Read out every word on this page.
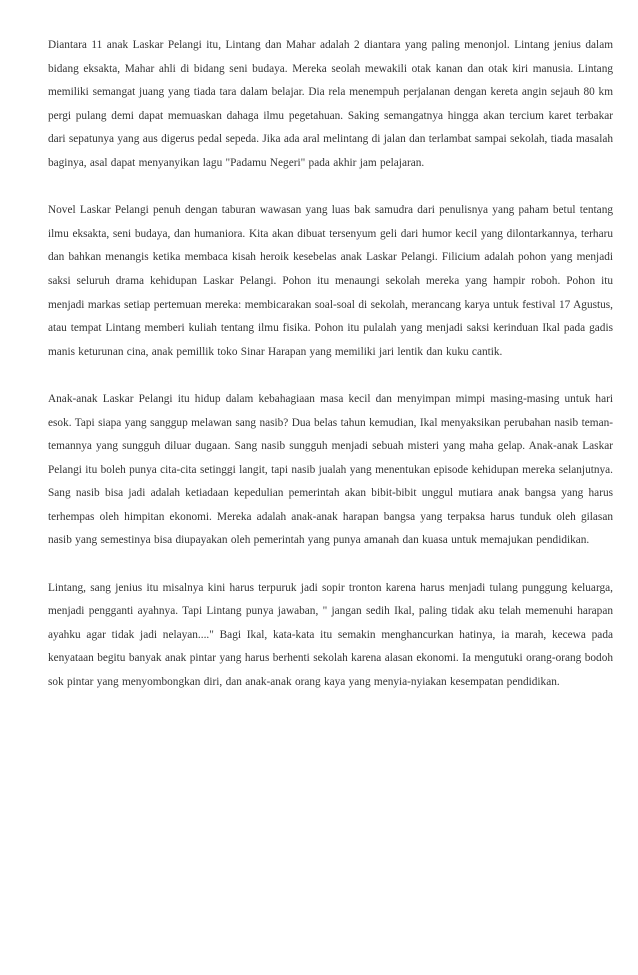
Diantara 11 anak Laskar Pelangi itu, Lintang dan Mahar adalah 2 diantara yang paling menonjol. Lintang jenius dalam bidang eksakta, Mahar ahli di bidang seni budaya. Mereka seolah mewakili otak kanan dan otak kiri manusia. Lintang memiliki semangat juang yang tiada tara dalam belajar. Dia rela menempuh perjalanan dengan kereta angin sejauh 80 km pergi pulang demi dapat memuaskan dahaga ilmu pegetahuan. Saking semangatnya hingga akan tercium karet terbakar dari sepatunya yang aus digerus pedal sepeda. Jika ada aral melintang di jalan dan terlambat sampai sekolah, tiada masalah baginya, asal dapat menyanyikan lagu "Padamu Negeri" pada akhir jam pelajaran.

Novel Laskar Pelangi penuh dengan taburan wawasan yang luas bak samudra dari penulisnya yang paham betul tentang ilmu eksakta, seni budaya, dan humaniora. Kita akan dibuat tersenyum geli dari humor kecil yang dilontarkannya, terharu dan bahkan menangis ketika membaca kisah heroik kesebelas anak Laskar Pelangi. Filicium adalah pohon yang menjadi saksi seluruh drama kehidupan Laskar Pelangi. Pohon itu menaungi sekolah mereka yang hampir roboh. Pohon itu menjadi markas setiap pertemuan mereka: membicarakan soal-soal di sekolah, merancang karya untuk festival 17 Agustus, atau tempat Lintang memberi kuliah tentang ilmu fisika. Pohon itu pulalah yang menjadi saksi kerinduan Ikal pada gadis manis keturunan cina, anak pemillik toko Sinar Harapan yang memiliki jari lentik dan kuku cantik.

Anak-anak Laskar Pelangi itu hidup dalam kebahagiaan masa kecil dan menyimpan mimpi masing-masing untuk hari esok. Tapi siapa yang sanggup melawan sang nasib? Dua belas tahun kemudian, Ikal menyaksikan perubahan nasib teman-temannya yang sungguh diluar dugaan. Sang nasib sungguh menjadi sebuah misteri yang maha gelap. Anak-anak Laskar Pelangi itu boleh punya cita-cita setinggi langit, tapi nasib jualah yang menentukan episode kehidupan mereka selanjutnya. Sang nasib bisa jadi adalah ketiadaan kepedulian pemerintah akan bibit-bibit unggul mutiara anak bangsa yang harus terhempas oleh himpitan ekonomi. Mereka adalah anak-anak harapan bangsa yang terpaksa harus tunduk oleh gilasan nasib yang semestinya bisa diupayakan oleh pemerintah yang punya amanah dan kuasa untuk memajukan pendidikan.

Lintang, sang jenius itu misalnya kini harus terpuruk jadi sopir tronton karena harus menjadi tulang punggung keluarga, menjadi pengganti ayahnya. Tapi Lintang punya jawaban, " jangan sedih Ikal, paling tidak aku telah memenuhi harapan ayahku agar tidak jadi nelayan...." Bagi Ikal, kata-kata itu semakin menghancurkan hatinya, ia marah, kecewa pada kenyataan begitu banyak anak pintar yang harus berhenti sekolah karena alasan ekonomi. Ia mengutuki orang-orang bodoh sok pintar yang menyombongkan diri, dan anak-anak orang kaya yang menyia-nyiakan kesempatan pendidikan.
